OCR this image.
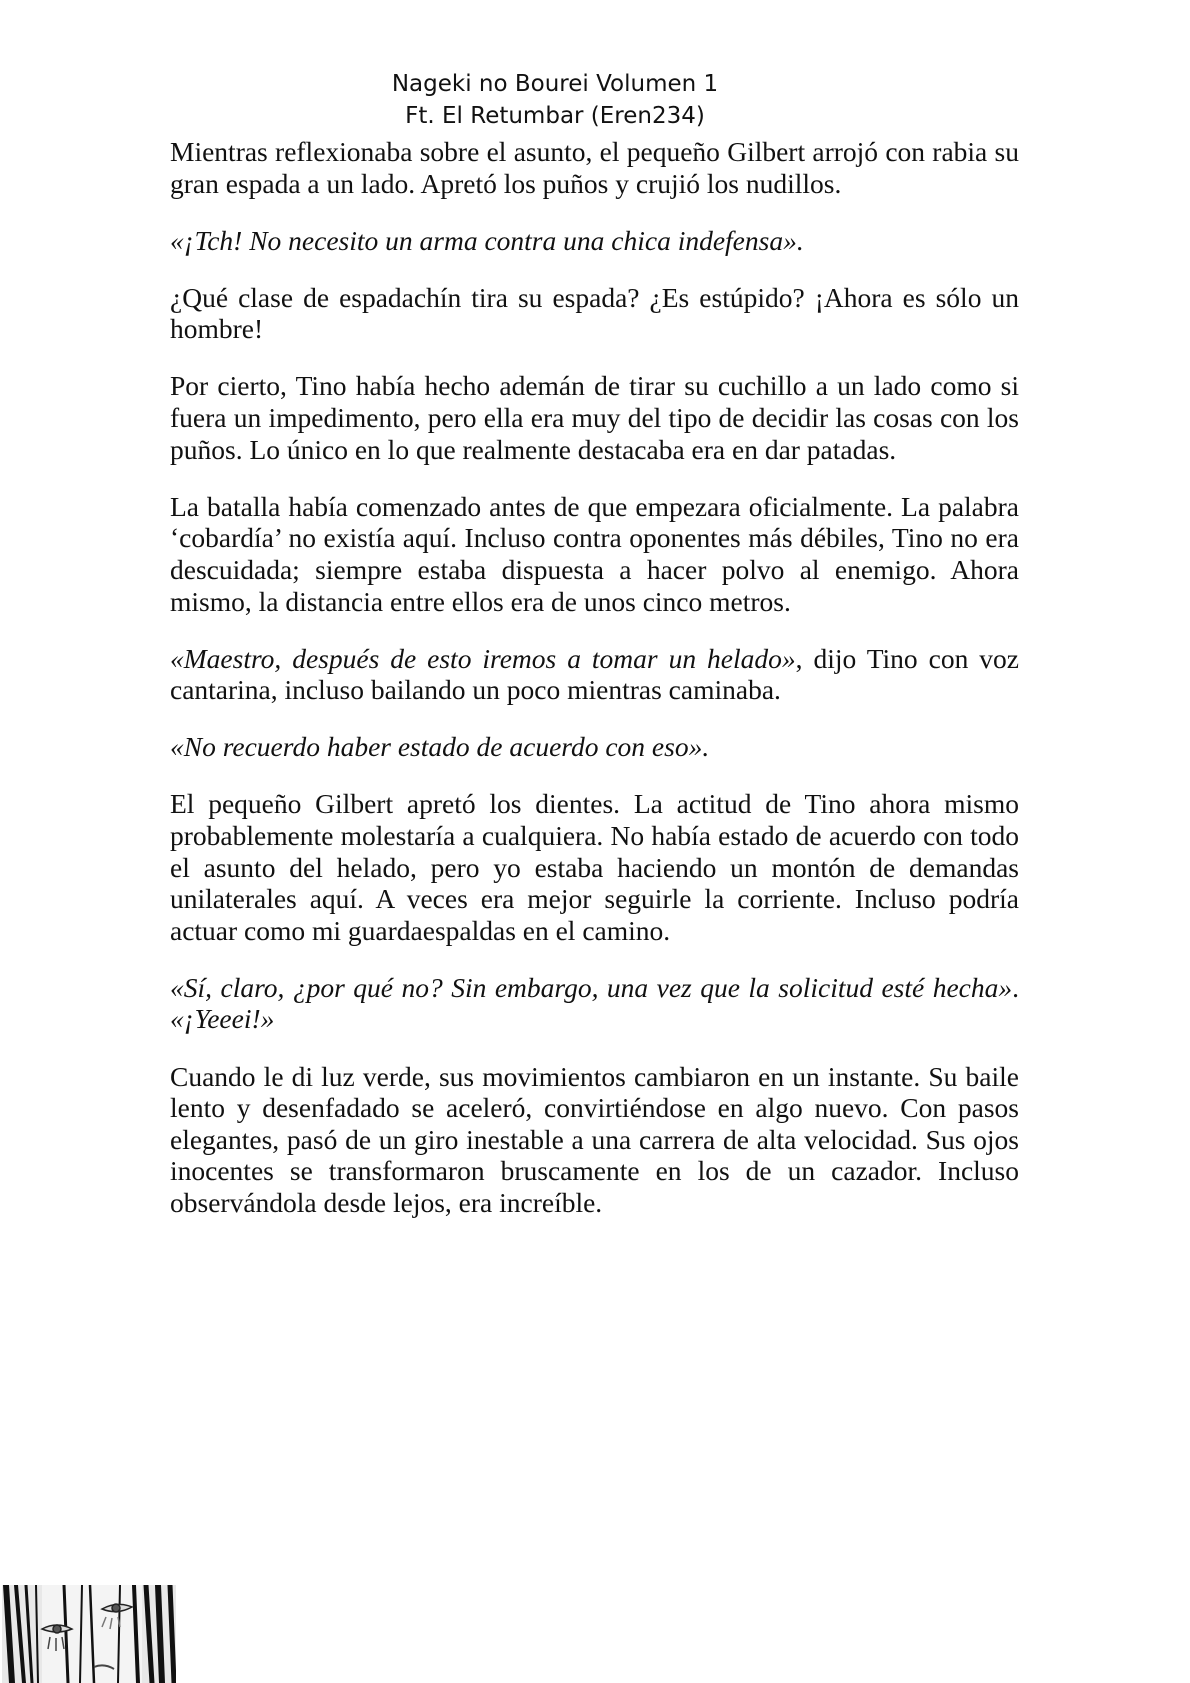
Nageki no Bourei Volumen 1
Ft. El Retumbar (Eren234)

Mientras reflexionaba sobre el asunto, el pequeño Gilbert arrojó con rabia su gran espada a un lado. Apretó los puños y crujió los nudillos.

«¡Tch! No necesito un arma contra una chica indefensa».

¿Qué clase de espadachín tira su espada? ¿Es estúpido? ¡Ahora es sólo un hombre!

Por cierto, Tino había hecho ademán de tirar su cuchillo a un lado como si fuera un impedimento, pero ella era muy del tipo de decidir las cosas con los puños. Lo único en lo que realmente destacaba era en dar patadas.

La batalla había comenzado antes de que empezara oficialmente. La palabra ‘cobardía’ no existía aquí. Incluso contra oponentes más débiles, Tino no era descuidada; siempre estaba dispuesta a hacer polvo al enemigo. Ahora mismo, la distancia entre ellos era de unos cinco metros.

«Maestro, después de esto iremos a tomar un helado», dijo Tino con voz cantarina, incluso bailando un poco mientras caminaba.

«No recuerdo haber estado de acuerdo con eso».

El pequeño Gilbert apretó los dientes. La actitud de Tino ahora mismo probablemente molestaría a cualquiera. No había estado de acuerdo con todo el asunto del helado, pero yo estaba haciendo un montón de demandas unilaterales aquí. A veces era mejor seguirle la corriente. Incluso podría actuar como mi guardaespaldas en el camino.

«Sí, claro, ¿por qué no? Sin embargo, una vez que la solicitud esté hecha». «¡Yeeei!»

Cuando le di luz verde, sus movimientos cambiaron en un instante. Su baile lento y desenfadado se aceleró, convirtiéndose en algo nuevo. Con pasos elegantes, pasó de un giro inestable a una carrera de alta velocidad. Sus ojos inocentes se transformaron bruscamente en los de un cazador. Incluso observándola desde lejos, era increíble.
